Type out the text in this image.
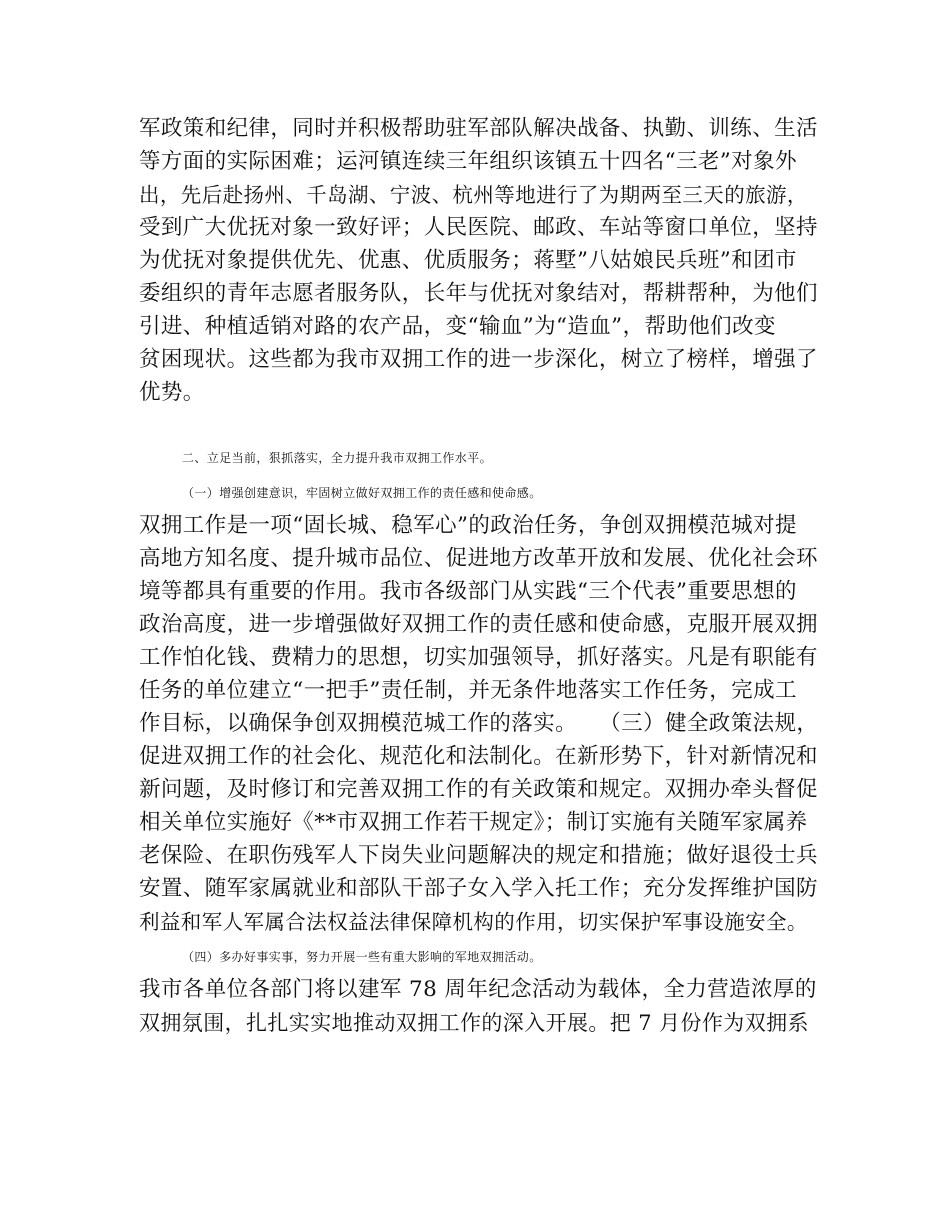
军政策和纪律，同时并积极帮助驻军部队解决战备、执勤、训练、生活
等方面的实际困难；运河镇连续三年组织该镇五十四名“三老”对象外
出，先后赴扬州、千岛湖、宁波、杭州等地进行了为期两至三天的旅游，
受到广大优抚对象一致好评；人民医院、邮政、车站等窗口单位，坚持
为优抚对象提供优先、优惠、优质服务；蒋墅”八姑娘民兵班”和团市
委组织的青年志愿者服务队，长年与优抚对象结对，帮耕帮种，为他们
引进、种植适销对路的农产品，变“输血”为“造血”，帮助他们改变
贫困现状。这些都为我市双拥工作的进一步深化，树立了榜样，增强了
优势。
二、立足当前，狠抓落实，全力提升我市双拥工作水平。
（一）增强创建意识，牢固树立做好双拥工作的责任感和使命感。
双拥工作是一项“固长城、稳军心”的政治任务，争创双拥模范城对提
高地方知名度、提升城市品位、促进地方改革开放和发展、优化社会环
境等都具有重要的作用。我市各级部门从实践“三个代表”重要思想的
政治高度，进一步增强做好双拥工作的责任感和使命感，克服开展双拥
工作怕化钱、费精力的思想，切实加强领导，抓好落实。凡是有职能有
任务的单位建立“一把手”责任制，并无条件地落实工作任务，完成工
作目标，以确保争创双拥模范城工作的落实。　　（三）健全政策法规，
促进双拥工作的社会化、规范化和法制化。在新形势下，针对新情况和
新问题，及时修订和完善双拥工作的有关政策和规定。双拥办牵头督促
相关单位实施好《**市双拥工作若干规定》；制订实施有关随军家属养
老保险、在职伤残军人下岗失业问题解决的规定和措施；做好退役士兵
安置、随军家属就业和部队干部子女入学入托工作；充分发挥维护国防
利益和军人军属合法权益法律保障机构的作用，切实保护军事设施安全。
（四）多办好事实事，努力开展一些有重大影响的军地双拥活动。
我市各单位各部门将以建军 78 周年纪念活动为载体，全力营造浓厚的
双拥氛围，扎扎实实地推动双拥工作的深入开展。把 7 月份作为双拥系
